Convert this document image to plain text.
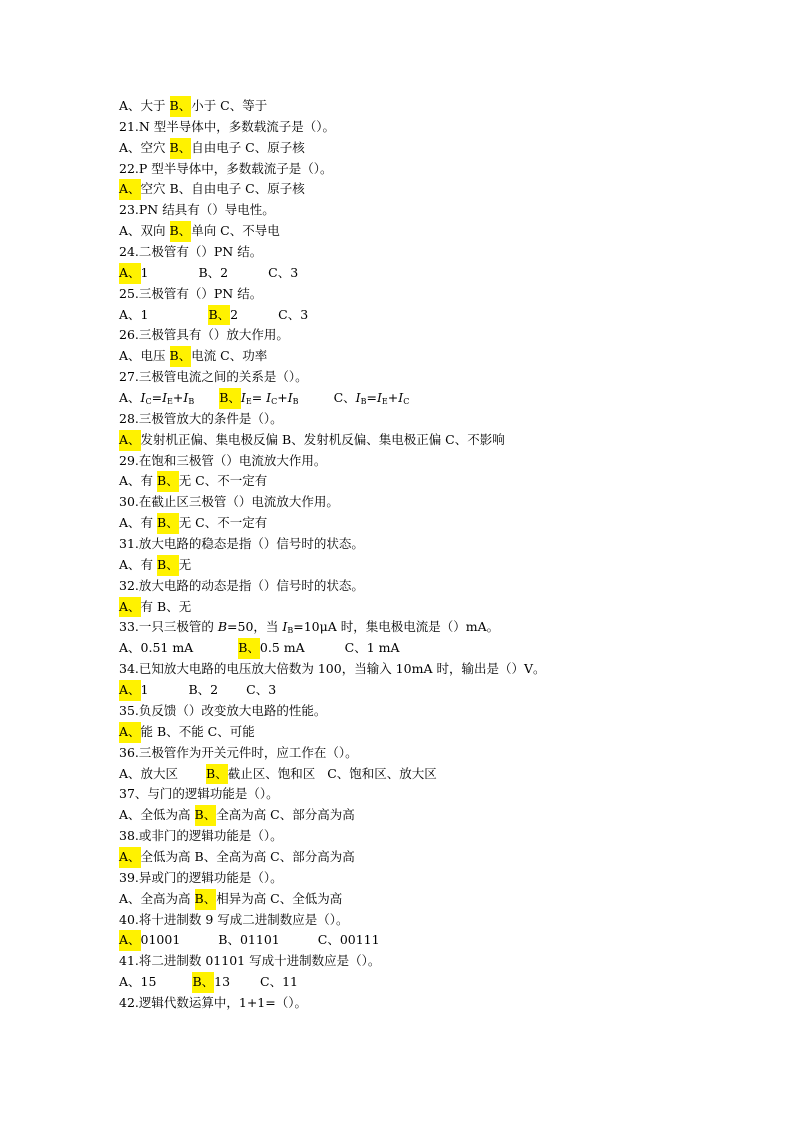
A、大于 B、小于 C、等于
21.N 型半导体中，多数载流子是（）。
A、空穴 B、自由电子 C、原子核
22.P 型半导体中，多数载流子是（）。
A、空穴 B、自由电子 C、原子核
23.PN 结具有（）导电性。
A、双向 B、单向 C、不导电
24.二极管有（）PN 结。
A、1	B、2	C、3
25.三极管有（）PN 结。
A、1	B、2	C、3
26.三极管具有（）放大作用。
A、电压 B、电流 C、功率
27.三极管电流之间的关系是（）。
A、$I_C=I_E+I_B$ B、$I_E= I_C+I_B$	C、$I_B=I_E+I_C$
28.三极管放大的条件是（）。
A、发射机正偏、集电极反偏 B、发射机反偏、集电极正偏 C、不影响
29.在饱和三极管（）电流放大作用。
A、有 B、无 C、不一定有
30.在截止区三极管（）电流放大作用。
A、有 B、无 C、不一定有
31.放大电路的稳态是指（）信号时的状态。
A、有 B、无
32.放大电路的动态是指（）信号时的状态。
A、有 B、无
33.一只三极管的 B=50，当 $I_B=10\mu A$ 时，集电极电流是（）mA。
A、0.51 mA	B、0.5 mA	C、1 mA
34.已知放大电路的电压放大倍数为 100，当输入 10mA 时，输出是（）V。
A、1	B、2 C、3
35.负反馈（）改变放大电路的性能。
A、能 B、不能 C、可能
36.三极管作为开关元件时，应工作在（）。
A、放大区 B、截止区、饱和区 C、饱和区、放大区
37、与门的逻辑功能是（）。
A、全低为高 B、全高为高 C、部分高为高
38.或非门的逻辑功能是（）。
A、全低为高 B、全高为高 C、部分高为高
39.异或门的逻辑功能是（）。
A、全高为高 B、相异为高 C、全低为高
40.将十进制数 9 写成二进制数应是（）。
A、01001	B、01101	C、00111
41.将二进制数 01101 写成十进制数应是（）。
A、15	B、13 C、11
42.逻辑代数运算中，1+1=（）。
